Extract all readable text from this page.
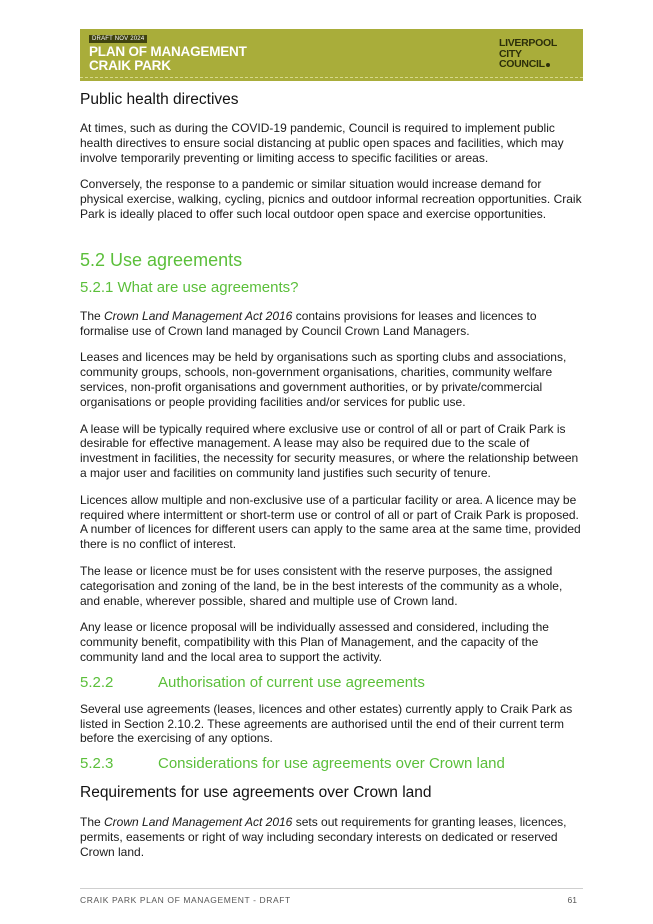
DRAFT NOV 2024
PLAN OF MANAGEMENT
CRAIK PARK
LIVERPOOL
CITY
COUNCIL
Public health directives

At times, such as during the COVID-19 pandemic, Council is required to implement public health directives to ensure social distancing at public open spaces and facilities, which may involve temporarily preventing or limiting access to specific facilities or areas.

Conversely, the response to a pandemic or similar situation would increase demand for physical exercise, walking, cycling, picnics and outdoor informal recreation opportunities. Craik Park is ideally placed to offer such local outdoor open space and exercise opportunities.

5.2 Use agreements
5.2.1 What are use agreements?

The Crown Land Management Act 2016 contains provisions for leases and licences to formalise use of Crown land managed by Council Crown Land Managers.

Leases and licences may be held by organisations such as sporting clubs and associations, community groups, schools, non-government organisations, charities, community welfare services, non-profit organisations and government authorities, or by private/commercial organisations or people providing facilities and/or services for public use.

A lease will be typically required where exclusive use or control of all or part of Craik Park is desirable for effective management. A lease may also be required due to the scale of investment in facilities, the necessity for security measures, or where the relationship between a major user and facilities on community land justifies such security of tenure.

Licences allow multiple and non-exclusive use of a particular facility or area. A licence may be required where intermittent or short-term use or control of all or part of Craik Park is proposed. A number of licences for different users can apply to the same area at the same time, provided there is no conflict of interest.

The lease or licence must be for uses consistent with the reserve purposes, the assigned categorisation and zoning of the land, be in the best interests of the community as a whole, and enable, wherever possible, shared and multiple use of Crown land.

Any lease or licence proposal will be individually assessed and considered, including the community benefit, compatibility with this Plan of Management, and the capacity of the community land and the local area to support the activity.

5.2.2	Authorisation of current use agreements

Several use agreements (leases, licences and other estates) currently apply to Craik Park as listed in Section 2.10.2. These agreements are authorised until the end of their current term before the exercising of any options.

5.2.3	Considerations for use agreements over Crown land
Requirements for use agreements over Crown land

The Crown Land Management Act 2016 sets out requirements for granting leases, licences, permits, easements or right of way including secondary interests on dedicated or reserved Crown land.

CRAIK PARK PLAN OF MANAGEMENT - DRAFT	61
